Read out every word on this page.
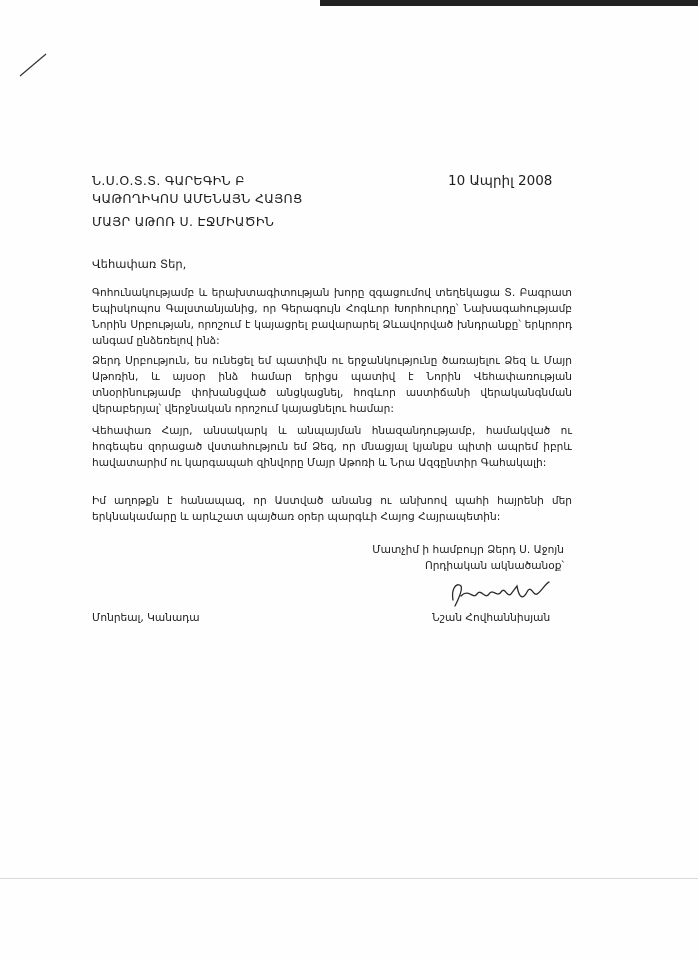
Ն.Ս.Օ.Տ.Տ. ԳԱՐԵԳԻՆ Բ
ԿԱԹՈՂԻԿՈՍ ԱՄԵՆԱՅՆ ՀԱՅՈՑ
10 Ապրիլ 2008
ՄԱՅՐ ԱԹՈՌ Ս. ԷՋՄԻԱԾԻՆ
Վեհափառ Տեր,

Գոհունակությամբ և երախտագիտության խորը զգացումով տեղեկացա Տ. Բագրատ Եպիսկոպոս Գալստանյանից, որ Գերագույն Հոգևոր Խորհուրդը՝ Նախագահությամբ Նորին Սրբության, որոշում է կայացրել բավարարել Ձևավորված խնդրանքը՝ երկրորդ անգամ ընձեռելով ինձ:

Ձերդ Սրբություն, ես ունեցել եմ պատիվն ու երջանկությունը ծառայելու Ձեզ և Մայր Աթոռին, և այսօր ինձ համար երիցս պատիվ է Նորին Վեհափառության տնօրինությամբ փոխանցված անցկացնել, հոգևոր աստիճանի վերականգնման վերաբերյալ՝ վերջնական որոշում կայացնելու համար:

Վեհափառ Հայր, անսակարկ և անպայման հնազանդությամբ, համակված ու հոգեպես զորացած վստահություն եմ Ձեզ, որ մնացյալ կյանքս պիտի ապրեմ իբրև հավատարիմ ու կարգապահ զինվորը Մայր Աթոռի և Նրա Ազգընտիր Գահակալի:

Իմ աղոթքն է հանապազ, որ Աստված անանց ու անխոով պահի հայրենի մեր երկնակամարը և արևշատ պայծառ օրեր պարգևի Հայոց Հայրապետին:

Մատչիմ ի համբույր Ձերդ Ս. Աջոյն
Որդիական ակնածանօք՝
Մոնրեալ, Կանադա	Նշան Հովհաննիսյան
